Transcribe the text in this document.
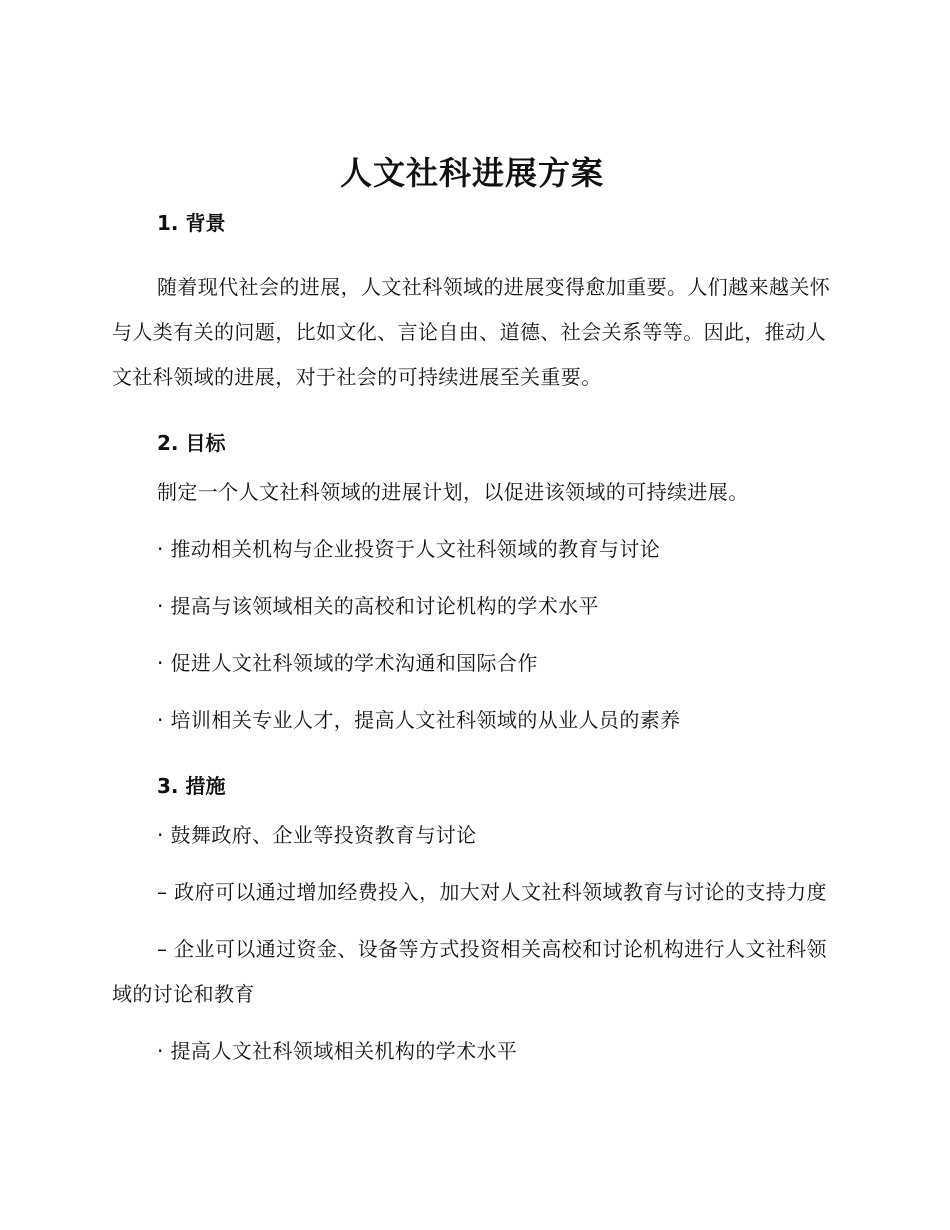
人文社科进展方案
1. 背景

随着现代社会的进展，人文社科领域的进展变得愈加重要。人们越来越关怀与人类有关的问题，比如文化、言论自由、道德、社会关系等等。因此，推动人文社科领域的进展，对于社会的可持续进展至关重要。

2. 目标

制定一个人文社科领域的进展计划，以促进该领域的可持续进展。

· 推动相关机构与企业投资于人文社科领域的教育与讨论

· 提高与该领域相关的高校和讨论机构的学术水平

· 促进人文社科领域的学术沟通和国际合作

· 培训相关专业人才，提高人文社科领域的从业人员的素养

3. 措施

· 鼓舞政府、企业等投资教育与讨论

– 政府可以通过增加经费投入，加大对人文社科领域教育与讨论的支持力度

– 企业可以通过资金、设备等方式投资相关高校和讨论机构进行人文社科领域的讨论和教育

· 提高人文社科领域相关机构的学术水平
